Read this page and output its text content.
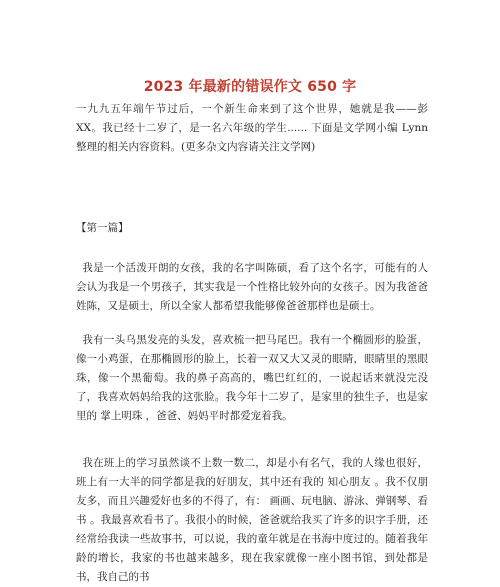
2023 年最新的错误作文 650 字
一九九五年端午节过后，一个新生命来到了这个世界，她就是我——彭 XX。我已经十二岁了，是一名六年级的学生...... 下面是文学网小编 Lynn 整理的相关内容资料。(更多杂文内容请关注文学网)
【第一篇】
我是一个活泼开朗的女孩，我的名字叫陈硕，看了这个名字，可能有的人会认为我是一个男孩子，其实我是一个性格比较外向的女孩子。因为我爸爸姓陈，又是硕士，所以全家人都希望我能够像爸爸那样也是硕士。
我有一头乌黑发亮的头发，喜欢梳一把马尾巴。我有一个椭圆形的脸蛋，像一小鸡蛋，在那椭圆形的脸上，长着一双又大又灵的眼睛，眼睛里的黑眼珠，像一个黑葡萄。我的鼻子高高的，嘴巴红红的，一说起话来就没完没了，我喜欢妈妈给我的这张脸。我今年十二岁了，是家里的独生子，也是家里的 掌上明珠 ，爸爸、妈妈平时都爱宠着我。
我在班上的学习虽然谈不上数一数二，却是小有名气，我的人缘也很好，班上有一大半的同学都是我的好朋友，其中还有我的 知心朋友 。我不仅朋友多，而且兴趣爱好也多的不得了，有： 画画、玩电脑、游泳、弹钢琴、看书 。我最喜欢看书了。我很小的时候，爸爸就给我买了许多的识字手册，还经常给我读一些故事书，可以说，我的童年就是在书海中度过的。随着我年龄的增长，我家的书也越来越多，现在我家就像一座小图书馆，到处都是书，我自己的书
